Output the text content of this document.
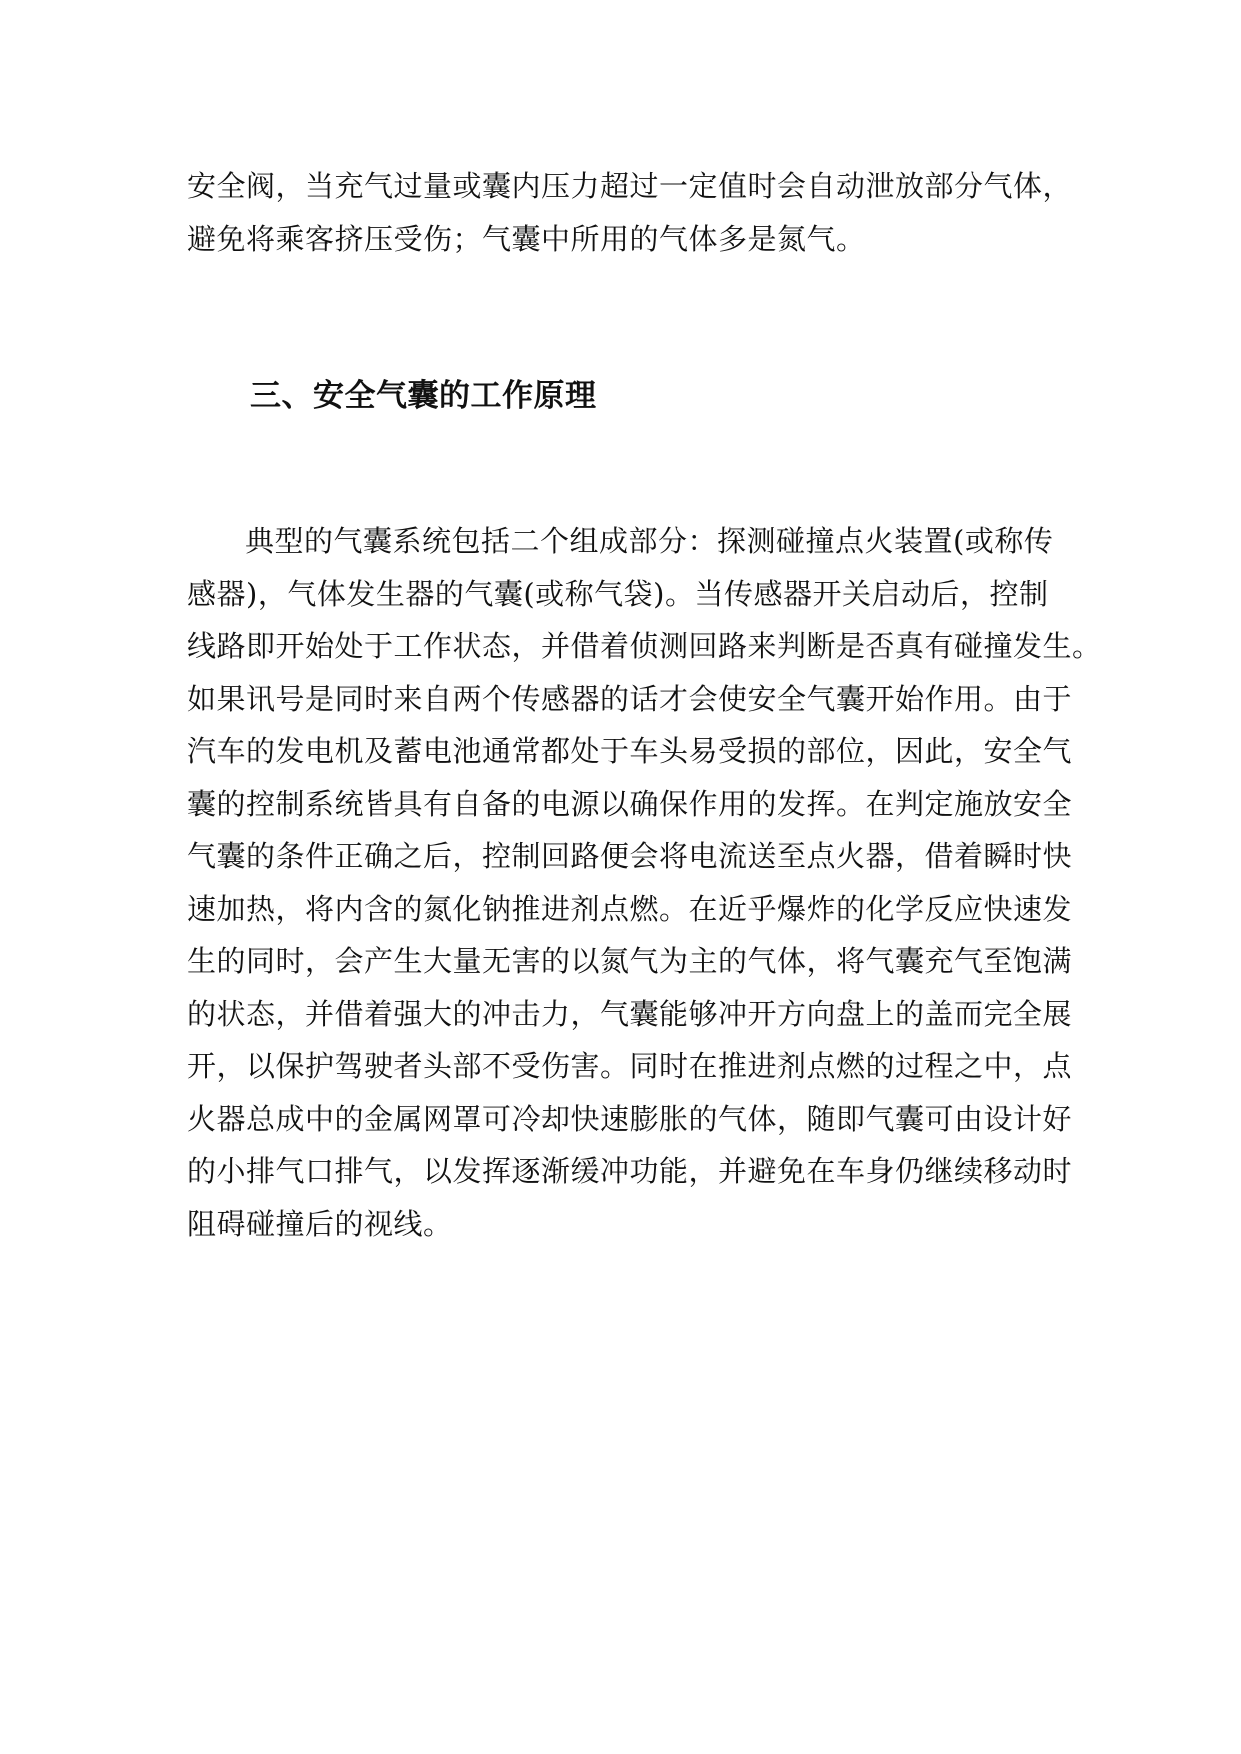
安全阀，当充气过量或囊内压力超过一定值时会自动泄放部分气体，
避免将乘客挤压受伤；气囊中所用的气体多是氮气。
三、安全气囊的工作原理
典型的气囊系统包括二个组成部分：探测碰撞点火装置(或称传
感器)，气体发生器的气囊(或称气袋)。当传感器开关启动后，控制
线路即开始处于工作状态，并借着侦测回路来判断是否真有碰撞发生。
如果讯号是同时来自两个传感器的话才会使安全气囊开始作用。由于
汽车的发电机及蓄电池通常都处于车头易受损的部位，因此，安全气
囊的控制系统皆具有自备的电源以确保作用的发挥。在判定施放安全
气囊的条件正确之后，控制回路便会将电流送至点火器，借着瞬时快
速加热，将内含的氮化钠推进剂点燃。在近乎爆炸的化学反应快速发
生的同时，会产生大量无害的以氮气为主的气体，将气囊充气至饱满
的状态，并借着强大的冲击力，气囊能够冲开方向盘上的盖而完全展
开，以保护驾驶者头部不受伤害。同时在推进剂点燃的过程之中，点
火器总成中的金属网罩可冷却快速膨胀的气体，随即气囊可由设计好
的小排气口排气，以发挥逐渐缓冲功能，并避免在车身仍继续移动时
阻碍碰撞后的视线。
